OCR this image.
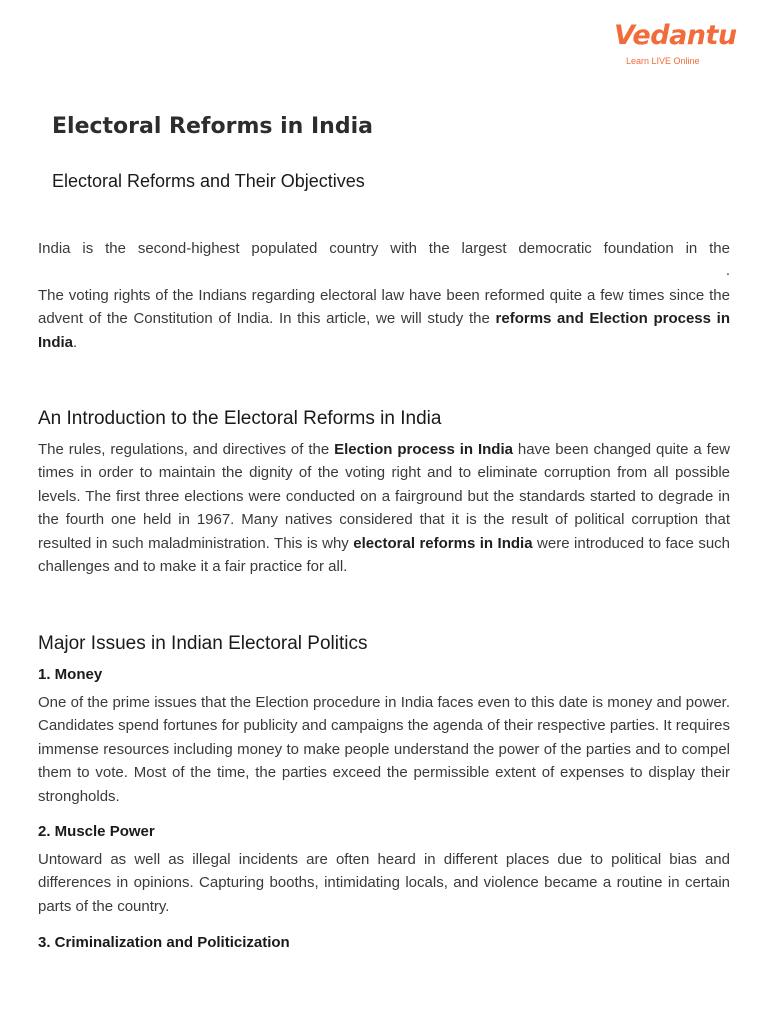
Vedantu
Learn LIVE Online
Electoral Reforms in India
Electoral Reforms and Their Objectives

India is the second-highest populated country with the largest democratic foundation in the

.

The voting rights of the Indians regarding electoral law have been reformed quite a few times since the advent of the Constitution of India. In this article, we will study the reforms and Election process in India.

An Introduction to the Electoral Reforms in India

The rules, regulations, and directives of the Election process in India have been changed quite a few times in order to maintain the dignity of the voting right and to eliminate corruption from all possible levels. The first three elections were conducted on a fairground but the standards started to degrade in the fourth one held in 1967. Many natives considered that it is the result of political corruption that resulted in such maladministration. This is why electoral reforms in India were introduced to face such challenges and to make it a fair practice for all.

Major Issues in Indian Electoral Politics
1. Money

One of the prime issues that the Election procedure in India faces even to this date is money and power. Candidates spend fortunes for publicity and campaigns the agenda of their respective parties. It requires immense resources including money to make people understand the power of the parties and to compel them to vote. Most of the time, the parties exceed the permissible extent of expenses to display their strongholds.

2. Muscle Power

Untoward as well as illegal incidents are often heard in different places due to political bias and differences in opinions. Capturing booths, intimidating locals, and violence became a routine in certain parts of the country.

3. Criminalization and Politicization
